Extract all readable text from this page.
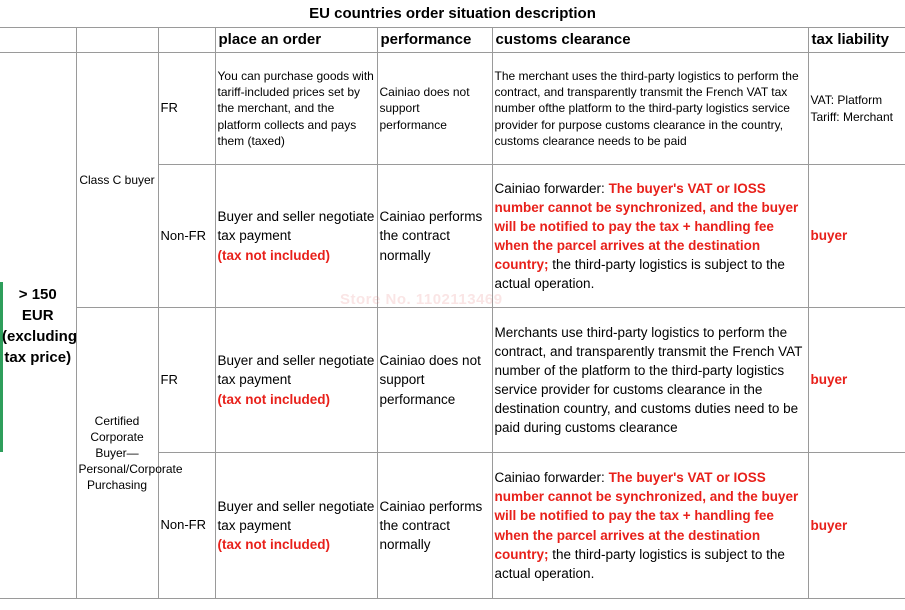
EU countries order situation description						
			place an order	performance	customs clearance	tax liability
> 150 EUR (excluding tax price)	Class C buyer	FR	You can purchase goods with tariff-included prices set by the merchant, and the platform collects and pays them (taxed)	Cainiao does not support performance	The merchant uses the third-party logistics to perform the contract, and transparently transmit the French VAT tax number ofthe platform to the third-party logistics service provider for purpose customs clearance in the country, customs clearance needs to be paid	VAT: Platform
Tariff: Merchant

		Non-FR	Buyer and seller negotiate tax payment
(tax not included)	Cainiao performs the contract normally	Cainiao forwarder: The buyer's VAT or IOSS number cannot be synchronized, and the buyer will be notified to pay the tax + handling fee when the parcel arrives at the destination country; the third-party logistics is subject to the actual operation.	buyer
	Certified Corporate Buyer—Personal/Corporate Purchasing	FR	Buyer and seller negotiate tax payment
(tax not included)	Cainiao does not support performance	Merchants use third-party logistics to perform the contract, and transparently transmit the French VAT number of the platform to the third-party logistics service provider for customs clearance in the destination country, and customs duties need to be paid during customs clearance	buyer
		Non-FR	Buyer and seller negotiate tax payment
(tax not included)	Cainiao performs the contract normally	Cainiao forwarder: The buyer's VAT or IOSS number cannot be synchronized, and the buyer will be notified to pay the tax + handling fee when the parcel arrives at the destination country; the third-party logistics is subject to the actual operation.	buyer
Store No. 1102113469
